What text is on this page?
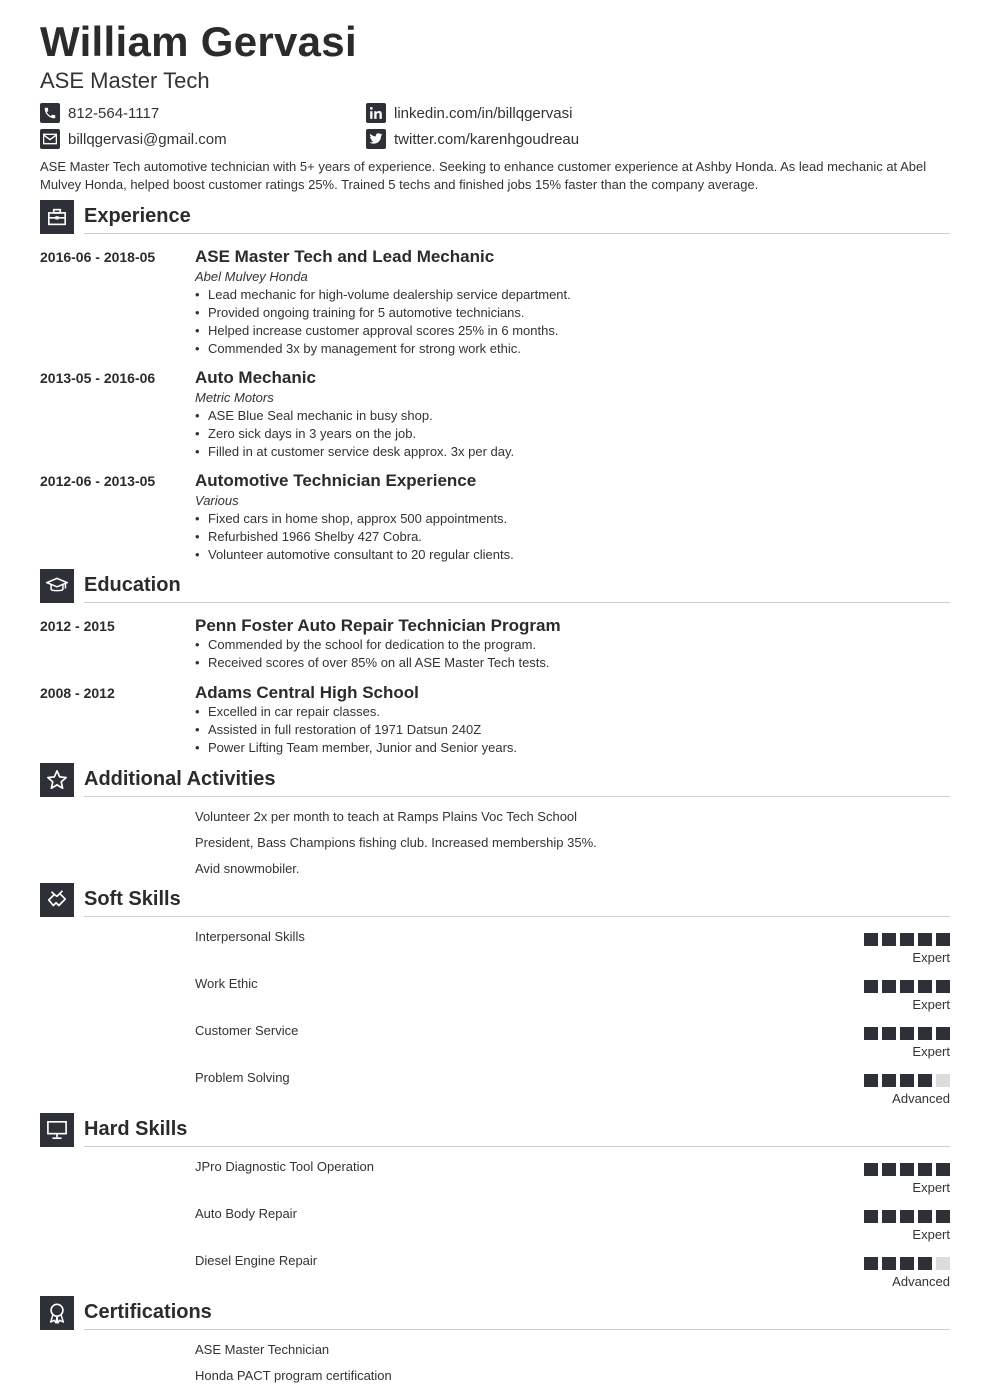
William Gervasi
ASE Master Tech
812-564-1117
billqgervasi@gmail.com
linkedin.com/in/billqgervasi
twitter.com/karenhgoudreau
ASE Master Tech automotive technician with 5+ years of experience. Seeking to enhance customer experience at Ashby Honda. As lead mechanic at Abel Mulvey Honda, helped boost customer ratings 25%. Trained 5 techs and finished jobs 15% faster than the company average.
Experience
2016-06 - 2018-05 ASE Master Tech and Lead Mechanic
Abel Mulvey Honda
• Lead mechanic for high-volume dealership service department.
• Provided ongoing training for 5 automotive technicians.
• Helped increase customer approval scores 25% in 6 months.
• Commended 3x by management for strong work ethic.
2013-05 - 2016-06 Auto Mechanic
Metric Motors
• ASE Blue Seal mechanic in busy shop.
• Zero sick days in 3 years on the job.
• Filled in at customer service desk approx. 3x per day.
2012-06 - 2013-05 Automotive Technician Experience
Various
• Fixed cars in home shop, approx 500 appointments.
• Refurbished 1966 Shelby 427 Cobra.
• Volunteer automotive consultant to 20 regular clients.
Education
2012 - 2015	Penn Foster Auto Repair Technician Program
• Commended by the school for dedication to the program.
• Received scores of over 85% on all ASE Master Tech tests.
2008 - 2012	Adams Central High School
• Excelled in car repair classes.
• Assisted in full restoration of 1971 Datsun 240Z
• Power Lifting Team member, Junior and Senior years.
Additional Activities
Volunteer 2x per month to teach at Ramps Plains Voc Tech School
President, Bass Champions fishing club. Increased membership 35%.
Avid snowmobiler.
Soft Skills
Interpersonal Skills
Expert
Work Ethic
Expert
Customer Service
Expert
Problem Solving
Advanced
Hard Skills
JPro Diagnostic Tool Operation
Expert
Auto Body Repair
Expert
Diesel Engine Repair
Advanced
Certifications
ASE Master Technician
Honda PACT program certification
